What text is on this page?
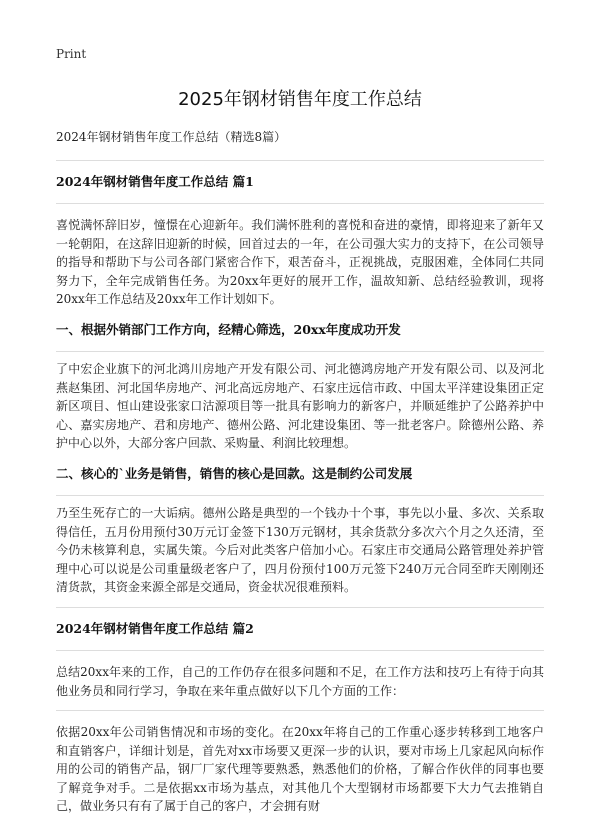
Print
2025年钢材销售年度工作总结
2024年钢材销售年度工作总结（精选8篇）
2024年钢材销售年度工作总结 篇1

喜悦满怀辞旧岁，憧憬在心迎新年。我们满怀胜利的喜悦和奋进的豪情，即将迎来了新年又一轮朝阳，在这辞旧迎新的时候，回首过去的一年，在公司强大实力的支持下，在公司领导的指导和帮助下与公司各部门紧密合作下，艰苦奋斗，正视挑战，克服困难，全体同仁共同努力下，全年完成销售任务。为20xx年更好的展开工作，温故知新、总结经验教训，现将20xx年工作总结及20xx年工作计划如下。

一、根据外销部门工作方向，经精心筛选，20xx年度成功开发

了中宏企业旗下的河北鸿川房地产开发有限公司、河北德鸿房地产开发有限公司、以及河北燕赵集团、河北国华房地产、河北高远房地产、石家庄远信市政、中国太平洋建设集团正定新区项目、恒山建设张家口沽源项目等一批具有影响力的新客户，并顺延维护了公路养护中心、嘉实房地产、君和房地产、德州公路、河北建设集团、等一批老客户。除德州公路、养护中心以外，大部分客户回款、采购量、利润比较理想。

二、核心的`业务是销售，销售的核心是回款。这是制约公司发展

乃至生死存亡的一大诟病。德州公路是典型的一个钱办十个事，事先以小量、多次、关系取得信任，五月份用预付30万元订金签下130万元钢材，其余货款分多次六个月之久还清，至今仍未核算利息，实属失策。今后对此类客户倍加小心。石家庄市交通局公路管理处养护管理中心可以说是公司重量级老客户了，四月份预付100万元签下240万元合同至昨天刚刚还清货款，其资金来源全部是交通局，资金状况很难预料。

2024年钢材销售年度工作总结 篇2

总结20xx年来的工作，自己的工作仍存在很多问题和不足，在工作方法和技巧上有待于向其他业务员和同行学习，争取在来年重点做好以下几个方面的工作：

依据20xx年公司销售情况和市场的变化。在20xx年将自己的工作重心逐步转移到工地客户和直销客户，详细计划是，首先对xx市场要又更深一步的认识，要对市场上几家起风向标作用的公司的销售产品，钢厂厂家代理等要熟悉，熟悉他们的价格，了解合作伙伴的同事也要了解竞争对手。二是依据xx市场为基点，对其他几个大型钢材市场都要下大力气去推销自己，做业务只有有了属于自己的客户，才会拥有财
